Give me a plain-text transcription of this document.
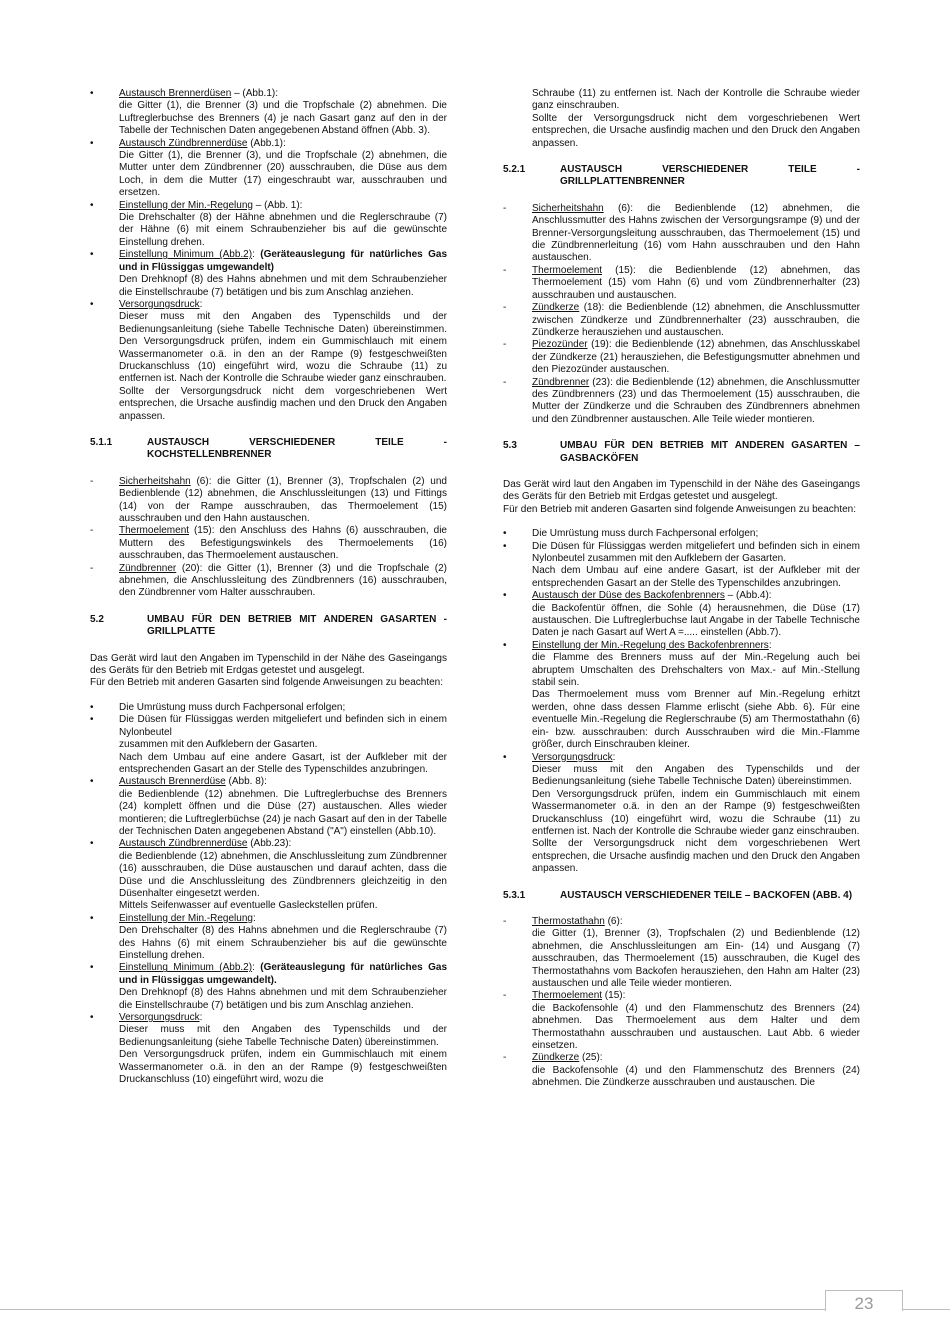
• Austausch Brennerdüsen – (Abb.1):
die Gitter (1), die Brenner (3) und die Tropfschale (2) abnehmen. Die Luftreglerbuchse des Brenners (4) je nach Gasart ganz auf den in der Tabelle der Technischen Daten angegebenen Abstand öffnen (Abb. 3).

• Austausch Zündbrennerdüse (Abb.1):
Die Gitter (1), die Brenner (3), und die Tropfschale (2) abnehmen, die Mutter unter dem Zündbrenner (20) ausschrauben, die Düse aus dem Loch, in dem die Mutter (17) eingeschraubt war, ausschrauben und ersetzen.

• Einstellung der Min.-Regelung – (Abb. 1):
Die Drehschalter (8) der Hähne abnehmen und die Reglerschraube (7) der Hähne (6) mit einem Schraubenzieher bis auf die gewünschte Einstellung drehen.

• Einstellung Minimum (Abb.2): (Geräteauslegung für natürliches Gas und in Flüssiggas umgewandelt)
Den Drehknopf (8) des Hahns abnehmen und mit dem Schraubenzieher die Einstellschraube (7) betätigen und bis zum Anschlag anziehen.

• Versorgungsdruck:
Dieser muss mit den Angaben des Typenschilds und der Bedienungsanleitung (siehe Tabelle Technische Daten) übereinstimmen. Den Versorgungsdruck prüfen, indem ein Gummischlauch mit einem Wassermanometer o.ä. in den an der Rampe (9) festgeschweißten Druckanschluss (10) eingeführt wird, wozu die Schraube (11) zu entfernen ist. Nach der Kontrolle die Schraube wieder ganz einschrauben.
Sollte der Versorgungsdruck nicht dem vorgeschriebenen Wert entsprechen, die Ursache ausfindig machen und den Druck den Angaben anpassen.

5.1.1	AUSTAUSCH VERSCHIEDENER TEILE - KOCHSTELLENBRENNER

- Sicherheitshahn (6): die Gitter (1), Brenner (3), Tropfschalen (2) und Bedienblende (12) abnehmen, die Anschlussleitungen (13) und Fittings (14) von der Rampe ausschrauben, das Thermoelement (15) ausschrauben und den Hahn austauschen.

- Thermoelement (15): den Anschluss des Hahns (6) ausschrauben, die Muttern des Befestigungswinkels des Thermoelements (16) ausschrauben, das Thermoelement austauschen.

- Zündbrenner (20): die Gitter (1), Brenner (3) und die Tropfschale (2) abnehmen, die Anschlussleitung des Zündbrenners (16) ausschrauben, den Zündbrenner vom Halter ausschrauben.

5.2	UMBAU FÜR DEN BETRIEB MIT ANDEREN GASARTEN - GRILLPLATTE

Das Gerät wird laut den Angaben im Typenschild in der Nähe des Gaseingangs des Geräts für den Betrieb mit Erdgas getestet und ausgelegt.

Für den Betrieb mit anderen Gasarten sind folgende Anweisungen zu beachten:

• Die Umrüstung muss durch Fachpersonal erfolgen;

• Die Düsen für Flüssiggas werden mitgeliefert und befinden sich in einem Nylonbeutel
zusammen mit den Aufklebern der Gasarten.
Nach dem Umbau auf eine andere Gasart, ist der Aufkleber mit der entsprechenden Gasart an der Stelle des Typenschildes anzubringen.

• Austausch Brennerdüse (Abb. 8):
die Bedienblende (12) abnehmen. Die Luftreglerbuchse des Brenners (24) komplett öffnen und die Düse (27) austauschen. Alles wieder montieren; die Luftreglerbüchse (24) je nach Gasart auf den in der Tabelle der Technischen Daten angegebenen Abstand ("A") einstellen (Abb.10).

• Austausch Zündbrennerdüse (Abb.23):
die Bedienblende (12) abnehmen, die Anschlussleitung zum Zündbrenner (16) ausschrauben, die Düse austauschen und darauf achten, dass die Düse und die Anschlussleitung des Zündbrenners gleichzeitig in den Düsenhalter eingesetzt werden.
Mittels Seifenwasser auf eventuelle Gasleckstellen prüfen.

• Einstellung der Min.-Regelung:
Den Drehschalter (8) des Hahns abnehmen und die Reglerschraube (7) des Hahns (6) mit einem Schraubenzieher bis auf die gewünschte Einstellung drehen.

• Einstellung Minimum (Abb.2): (Geräteauslegung für natürliches Gas und in Flüssiggas umgewandelt).
Den Drehknopf (8) des Hahns abnehmen und mit dem Schraubenzieher die Einstellschraube (7) betätigen und bis zum Anschlag anziehen.

• Versorgungsdruck:
Dieser muss mit den Angaben des Typenschilds und der Bedienungsanleitung (siehe Tabelle Technische Daten) übereinstimmen.
Den Versorgungsdruck prüfen, indem ein Gummischlauch mit einem Wassermanometer o.ä. in den an der Rampe (9) festgeschweißten Druckanschluss (10) eingeführt wird, wozu die

Schraube (11) zu entfernen ist. Nach der Kontrolle die Schraube wieder ganz einschrauben.

Sollte der Versorgungsdruck nicht dem vorgeschriebenen Wert entsprechen, die Ursache ausfindig machen und den Druck den Angaben anpassen.

5.2.1	AUSTAUSCH VERSCHIEDENER TEILE - GRILLPLATTENBRENNER

- Sicherheitshahn (6): die Bedienblende (12) abnehmen, die Anschlussmutter des Hahns zwischen der Versorgungsrampe (9) und der Brenner-Versorgungsleitung ausschrauben, das Thermoelement (15) und die Zündbrennerleitung (16) vom Hahn ausschrauben und den Hahn austauschen.

- Thermoelement (15): die Bedienblende (12) abnehmen, das Thermoelement (15) vom Hahn (6) und vom Zündbrennerhalter (23) ausschrauben und austauschen.

- Zündkerze (18): die Bedienblende (12) abnehmen, die Anschlussmutter zwischen Zündkerze und Zündbrennerhalter (23) ausschrauben, die Zündkerze herausziehen und austauschen.

- Piezozünder (19): die Bedienblende (12) abnehmen, das Anschlusskabel der Zündkerze (21) herausziehen, die Befestigungsmutter abnehmen und den Piezozünder austauschen.

- Zündbrenner (23): die Bedienblende (12) abnehmen, die Anschlussmutter des Zündbrenners (23) und das Thermoelement (15) ausschrauben, die Mutter der Zündkerze und die Schrauben des Zündbrenners abnehmen und den Zündbrenner austauschen. Alle Teile wieder montieren.

5.3	UMBAU FÜR DEN BETRIEB MIT ANDEREN GASARTEN – GASBACKÖFEN

Das Gerät wird laut den Angaben im Typenschild in der Nähe des Gaseingangs des Geräts für den Betrieb mit Erdgas getestet und ausgelegt.

Für den Betrieb mit anderen Gasarten sind folgende Anweisungen zu beachten:

• Die Umrüstung muss durch Fachpersonal erfolgen;

• Die Düsen für Flüssiggas werden mitgeliefert und befinden sich in einem Nylonbeutel zusammen mit den Aufklebern der Gasarten.
Nach dem Umbau auf eine andere Gasart, ist der Aufkleber mit der entsprechenden Gasart an der Stelle des Typenschildes anzubringen.

• Austausch der Düse des Backofenbrenners – (Abb.4):
die Backofentür öffnen, die Sohle (4) herausnehmen, die Düse (17) austauschen. Die Luftreglerbuchse laut Angabe in der Tabelle Technische Daten je nach Gasart auf Wert A =..... einstellen (Abb.7).

• Einstellung der Min.-Regelung des Backofenbrenners:
die Flamme des Brenners muss auf der Min.-Regelung auch bei abruptem Umschalten des Drehschalters von Max.- auf Min.-Stellung stabil sein.
Das Thermoelement muss vom Brenner auf Min.-Regelung erhitzt werden, ohne dass dessen Flamme erlischt (siehe Abb. 6). Für eine eventuelle Min.-Regelung die Reglerschraube (5) am Thermostathahn (6) ein- bzw. ausschrauben: durch Ausschrauben wird die Min.-Flamme größer, durch Einschrauben kleiner.

• Versorgungsdruck:
Dieser muss mit den Angaben des Typenschilds und der Bedienungsanleitung (siehe Tabelle Technische Daten) übereinstimmen.
Den Versorgungsdruck prüfen, indem ein Gummischlauch mit einem Wassermanometer o.ä. in den an der Rampe (9) festgeschweißten Druckanschluss (10) eingeführt wird, wozu die Schraube (11) zu entfernen ist. Nach der Kontrolle die Schraube wieder ganz einschrauben.
Sollte der Versorgungsdruck nicht dem vorgeschriebenen Wert entsprechen, die Ursache ausfindig machen und den Druck den Angaben anpassen.

5.3.1	AUSTAUSCH VERSCHIEDENER TEILE – BACKOFEN (ABB. 4)

- Thermostathahn (6):
die Gitter (1), Brenner (3), Tropfschalen (2) und Bedienblende (12) abnehmen, die Anschlussleitungen am Ein- (14) und Ausgang (7) ausschrauben, das Thermoelement (15) ausschrauben, die Kugel des Thermostathahns vom Backofen herausziehen, den Hahn am Halter (23) austauschen und alle Teile wieder montieren.

- Thermoelement (15):
die Backofensohle (4) und den Flammenschutz des Brenners (24) abnehmen. Das Thermoelement aus dem Halter und dem Thermostathahn ausschrauben und austauschen. Laut Abb. 6 wieder einsetzen.

- Zündkerze (25):
die Backofensohle (4) und den Flammenschutz des Brenners (24) abnehmen. Die Zündkerze ausschrauben und austauschen. Die

23
